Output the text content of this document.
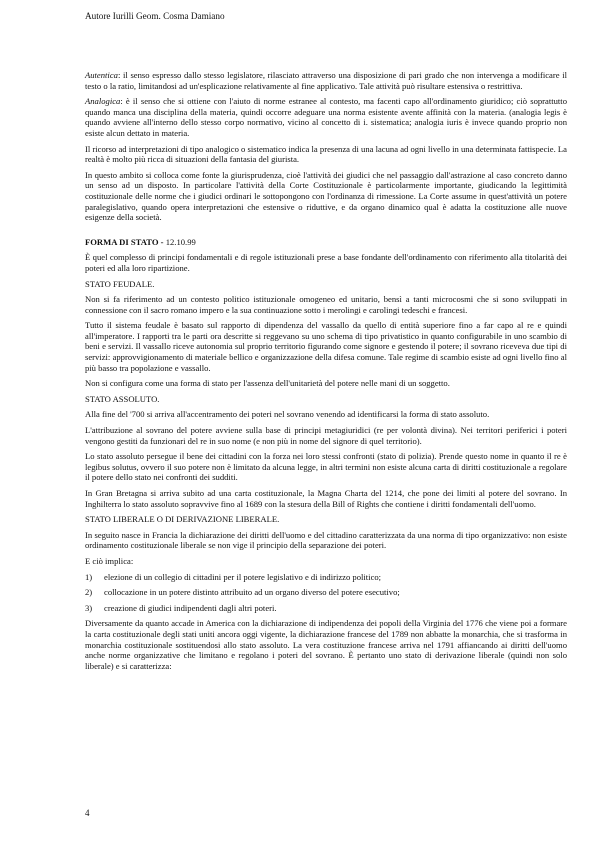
Autore Iurilli Geom. Cosma Damiano

Autentica: il senso espresso dallo stesso legislatore, rilasciato attraverso una disposizione di pari grado che non intervenga a modificare il testo o la ratio, limitandosi ad un'esplicazione relativamente al fine applicativo. Tale attività può risultare estensiva o restrittiva.

Analogica: è il senso che si ottiene con l'aiuto di norme estranee al contesto, ma facenti capo all'ordinamento giuridico; ciò soprattutto quando manca una disciplina della materia, quindi occorre adeguare una norma esistente avente affinità con la materia. (analogia legis è quando avviene all'interno dello stesso corpo normativo, vicino al concetto di i. sistematica; analogia iuris è invece quando proprio non esiste alcun dettato in materia.

Il ricorso ad interpretazioni di tipo analogico o sistematico indica la presenza di una lacuna ad ogni livello in una determinata fattispecie. La realtà è molto più ricca di situazioni della fantasia del giurista.

In questo ambito si colloca come fonte la giurisprudenza, cioè l'attività dei giudici che nel passaggio dall'astrazione al caso concreto danno un senso ad un disposto. In particolare l'attività della Corte Costituzionale è particolarmente importante, giudicando la legittimità costituzionale delle norme che i giudici ordinari le sottopongono con l'ordinanza di rimessione. La Corte assume in quest'attività un potere paralegislativo, quando opera interpretazioni che estensive o riduttive, e da organo dinamico qual è adatta la costituzione alle nuove esigenze della società.

FORMA DI STATO - 12.10.99

È quel complesso di principi fondamentali e di regole istituzionali prese a base fondante dell'ordinamento con riferimento alla titolarità dei poteri ed alla loro ripartizione.

STATO FEUDALE.

Non si fa riferimento ad un contesto politico istituzionale omogeneo ed unitario, bensì a tanti microcosmi che si sono sviluppati in connessione con il sacro romano impero e la sua continuazione sotto i merolingi e carolingi tedeschi e francesi.

Tutto il sistema feudale è basato sul rapporto di dipendenza del vassallo da quello di entità superiore fino a far capo al re e quindi all'imperatore. I rapporti tra le parti ora descritte si reggevano su uno schema di tipo privatistico in quanto configurabile in uno scambio di beni e servizi. Il vassallo riceve autonomia sul proprio territorio figurando come signore e gestendo il potere; il sovrano riceveva due tipi di servizi: approvvigionamento di materiale bellico e organizzazione della difesa comune. Tale regime di scambio esiste ad ogni livello fino al più basso tra popolazione e vassallo.

Non si configura come una forma di stato per l'assenza dell'unitarietà del potere nelle mani di un soggetto.

STATO ASSOLUTO.

Alla fine del '700 si arriva all'accentramento dei poteri nel sovrano venendo ad identificarsi la forma di stato assoluto.

L'attribuzione al sovrano del potere avviene sulla base di principi metagiuridici (re per volontà divina). Nei territori periferici i poteri vengono gestiti da funzionari del re in suo nome (e non più in nome del signore di quel territorio).

Lo stato assoluto persegue il bene dei cittadini con la forza nei loro stessi confronti (stato di polizia). Prende questo nome in quanto il re è legibus solutus, ovvero il suo potere non è limitato da alcuna legge, in altri termini non esiste alcuna carta di diritti costituzionale a regolare il potere dello stato nei confronti dei sudditi.

In Gran Bretagna si arriva subito ad una carta costituzionale, la Magna Charta del 1214, che pone dei limiti al potere del sovrano. In Inghilterra lo stato assoluto sopravvive fino al 1689 con la stesura della Bill of Rights che contiene i diritti fondamentali dell'uomo.

STATO LIBERALE O DI DERIVAZIONE LIBERALE.

In seguito nasce in Francia la dichiarazione dei diritti dell'uomo e del cittadino caratterizzata da una norma di tipo organizzativo: non esiste ordinamento costituzionale liberale se non vige il principio della separazione dei poteri.

E ciò implica:

1) elezione di un collegio di cittadini per il potere legislativo e di indirizzo politico;
2) collocazione in un potere distinto attribuito ad un organo diverso del potere esecutivo;
3) creazione di giudici indipendenti dagli altri poteri.

Diversamente da quanto accade in America con la dichiarazione di indipendenza dei popoli della Virginia del 1776 che viene poi a formare la carta costituzionale degli stati uniti ancora oggi vigente, la dichiarazione francese del 1789 non abbatte la monarchia, che si trasforma in monarchia costituzionale sostituendosi allo stato assoluto. La vera costituzione francese arriva nel 1791 affiancando ai diritti dell'uomo anche norme organizzative che limitano e regolano i poteri del sovrano. È pertanto uno stato di derivazione liberale (quindi non solo liberale) e si caratterizza:

4
